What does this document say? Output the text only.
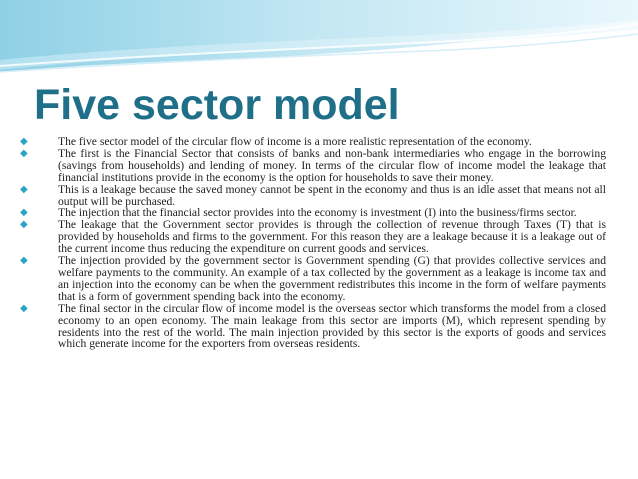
Five sector model
◆	The five sector model of the circular flow of income is a more realistic representation of the economy.
◆	The first is the Financial Sector that consists of banks and non-bank intermediaries who engage in the borrowing (savings from households) and lending of money. In terms of the circular flow of income model the leakage that financial institutions provide in the economy is the option for households to save their money.
◆	This is a leakage because the saved money cannot be spent in the economy and thus is an idle asset that means not all output will be purchased.
◆	The injection that the financial sector provides into the economy is investment (I) into the business/firms sector.
◆	The leakage that the Government sector provides is through the collection of revenue through Taxes (T) that is provided by households and firms to the government. For this reason they are a leakage because it is a leakage out of the current income thus reducing the expenditure on current goods and services.
◆	The injection provided by the government sector is Government spending (G) that provides collective services and welfare payments to the community. An example of a tax collected by the government as a leakage is income tax and an injection into the economy can be when the government redistributes this income in the form of welfare payments that is a form of government spending back into the economy.
◆	The final sector in the circular flow of income model is the overseas sector which transforms the model from a closed economy to an open economy. The main leakage from this sector are imports (M), which represent spending by residents into the rest of the world. The main injection provided by this sector is the exports of goods and services which generate income for the exporters from overseas residents.
